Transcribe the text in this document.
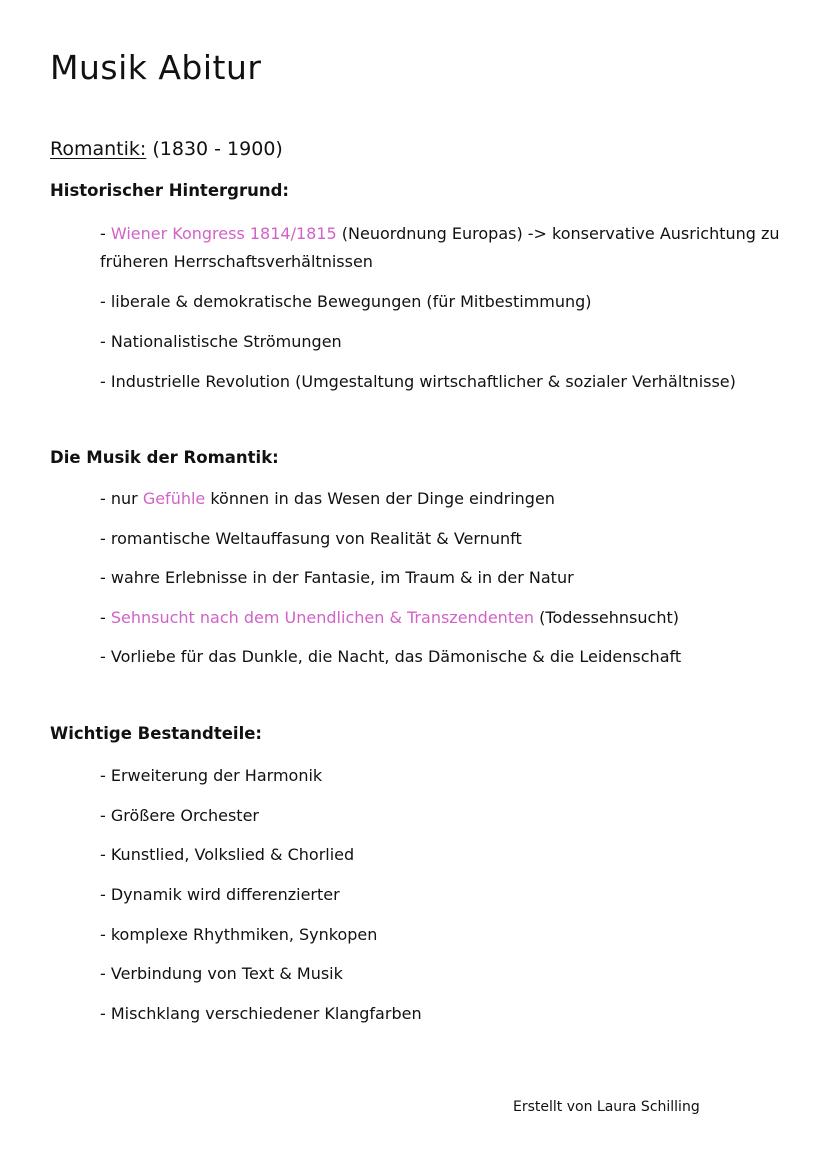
Musik Abitur

Romantik: (1830 - 1900)

Historischer Hintergrund:
- Wiener Kongress 1814/1815 (Neuordnung Europas) -> konservative Ausrichtung zu früheren Herrschaftsverhältnissen
- liberale & demokratische Bewegungen (für Mitbestimmung)
- Nationalistische Strömungen
- Industrielle Revolution (Umgestaltung wirtschaftlicher & sozialer Verhältnisse)
Die Musik der Romantik:
- nur Gefühle können in das Wesen der Dinge eindringen
- romantische Weltauffasung von Realität & Vernunft
- wahre Erlebnisse in der Fantasie, im Traum & in der Natur
- Sehnsucht nach dem Unendlichen & Transzendenten (Todessehnsucht)
- Vorliebe für das Dunkle, die Nacht, das Dämonische & die Leidenschaft
Wichtige Bestandteile:
- Erweiterung der Harmonik
- Größere Orchester
- Kunstlied, Volkslied & Chorlied
- Dynamik wird differenzierter
- komplexe Rhythmiken, Synkopen
- Verbindung von Text & Musik
- Mischklang verschiedener Klangfarben

Erstellt von Laura Schilling
